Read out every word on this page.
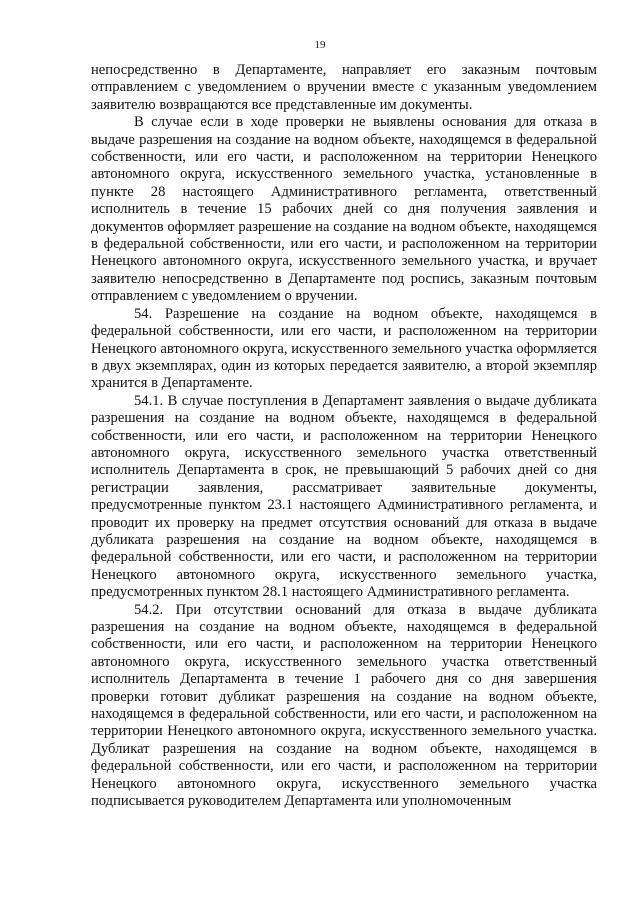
19

непосредственно в Департаменте, направляет его заказным почтовым отправлением с уведомлением о вручении вместе с указанным уведомлением заявителю возвращаются все представленные им документы.

В случае если в ходе проверки не выявлены основания для отказа в выдаче разрешения на создание на водном объекте, находящемся в федеральной собственности, или его части, и расположенном на территории Ненецкого автономного округа, искусственного земельного участка, установленные в пункте 28 настоящего Административного регламента, ответственный исполнитель в течение 15 рабочих дней со дня получения заявления и документов оформляет разрешение на создание на водном объекте, находящемся в федеральной собственности, или его части, и расположенном на территории Ненецкого автономного округа, искусственного земельного участка, и вручает заявителю непосредственно в Департаменте под роспись, заказным почтовым отправлением с уведомлением о вручении.

54. Разрешение на создание на водном объекте, находящемся в федеральной собственности, или его части, и расположенном на территории Ненецкого автономного округа, искусственного земельного участка оформляется в двух экземплярах, один из которых передается заявителю, а второй экземпляр хранится в Департаменте.

54.1. В случае поступления в Департамент заявления о выдаче дубликата разрешения на создание на водном объекте, находящемся в федеральной собственности, или его части, и расположенном на территории Ненецкого автономного округа, искусственного земельного участка ответственный исполнитель Департамента в срок, не превышающий 5 рабочих дней со дня регистрации заявления, рассматривает заявительные документы, предусмотренные пунктом 23.1 настоящего Административного регламента, и проводит их проверку на предмет отсутствия оснований для отказа в выдаче дубликата разрешения на создание на водном объекте, находящемся в федеральной собственности, или его части, и расположенном на территории Ненецкого автономного округа, искусственного земельного участка, предусмотренных пунктом 28.1 настоящего Административного регламента.

54.2. При отсутствии оснований для отказа в выдаче дубликата разрешения на создание на водном объекте, находящемся в федеральной собственности, или его части, и расположенном на территории Ненецкого автономного округа, искусственного земельного участка ответственный исполнитель Департамента в течение 1 рабочего дня со дня завершения проверки готовит дубликат разрешения на создание на водном объекте, находящемся в федеральной собственности, или его части, и расположенном на территории Ненецкого автономного округа, искусственного земельного участка. Дубликат разрешения на создание на водном объекте, находящемся в федеральной собственности, или его части, и расположенном на территории Ненецкого автономного округа, искусственного земельного участка подписывается руководителем Департамента или уполномоченным
